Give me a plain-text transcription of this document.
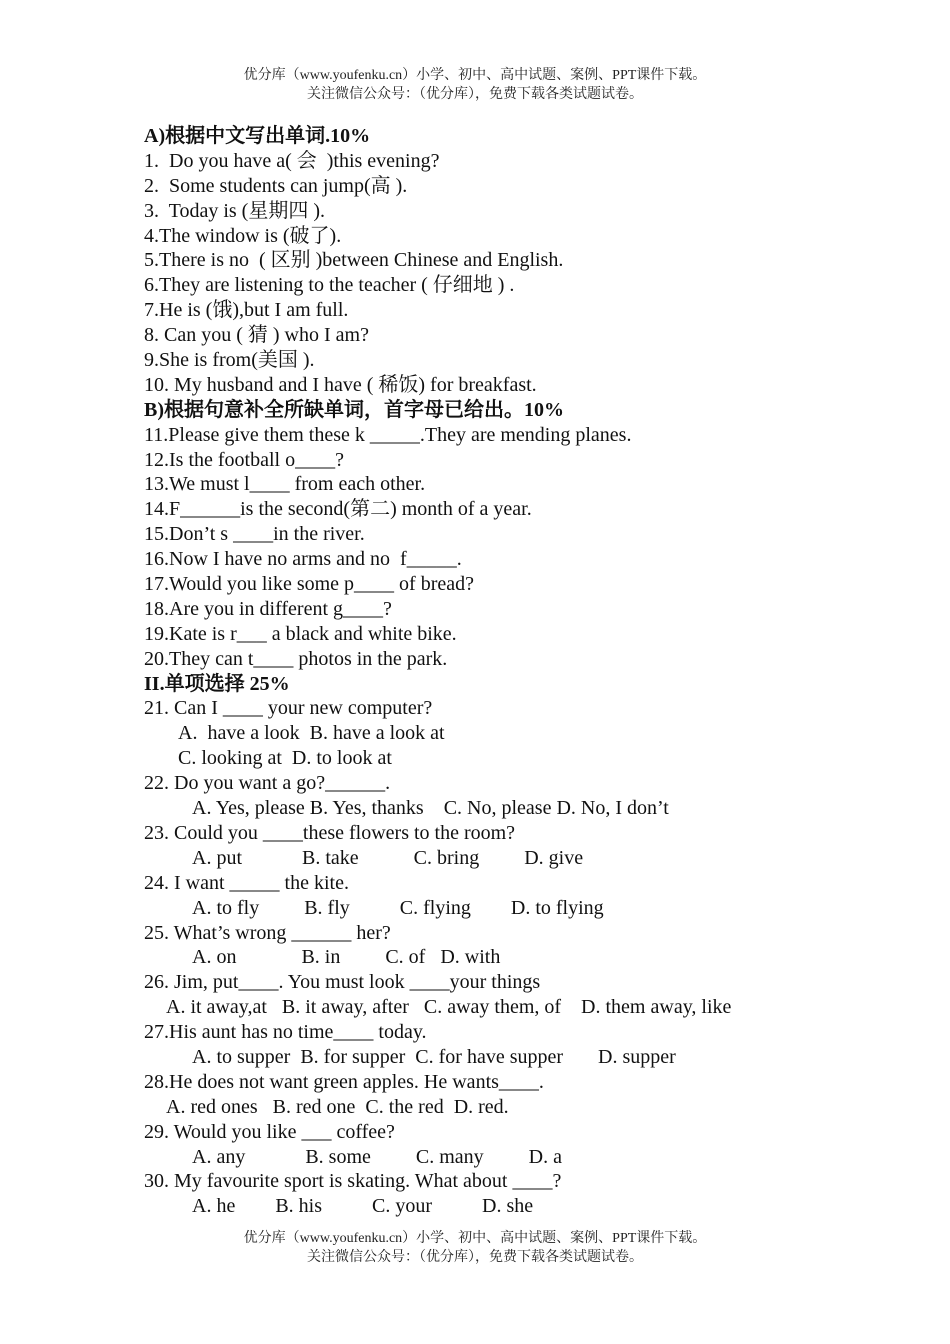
优分库（www.youfenku.cn）小学、初中、高中试题、案例、PPT课件下载。
关注微信公众号：（优分库），免费下载各类试题试卷。
A)根据中文写出单词.10%
1.  Do you have a( 会  )this evening?
2.  Some students can jump(高 ).
3.  Today is (星期四 ).
4.The window is (破了).
5.There is no  ( 区别 )between Chinese and English.
6.They are listening to the teacher ( 仔细地 ) .
7.He is (饿),but I am full.
8. Can you ( 猜 ) who I am?
9.She is from(美国 ).
10. My husband and I have ( 稀饭) for breakfast.
B)根据句意补全所缺单词，首字母已给出。10%
11.Please give them these k _____.They are mending planes.
12.Is the football o____?
13.We must l____ from each other.
14.F______is the second(第二) month of a year.
15.Don’t s ____in the river.
16.Now I have no arms and no  f_____.
17.Would you like some p____ of bread?
18.Are you in different g____?
19.Kate is r___ a black and white bike.
20.They can t____ photos in the park.
II.单项选择 25%
21. Can I ____ your new computer?
A.  have a look  B. have a look at
C. looking at  D. to look at
22. Do you want a go?______.
A. Yes, please B. Yes, thanks    C. No, please D. No, I don’t
23. Could you ____these flowers to the room?
A. put            B. take           C. bring         D. give
24. I want _____ the kite.
A. to fly         B. fly          C. flying        D. to flying
25. What’s wrong ______ her?
A. on             B. in         C. of   D. with
26. Jim, put____. You must look ____your things
A. it away,at   B. it away, after   C. away them, of    D. them away, like
27.His aunt has no time____ today.
A. to supper  B. for supper  C. for have supper       D. supper
28.He does not want green apples. He wants____.
A. red ones   B. red one  C. the red  D. red.
29. Would you like ___ coffee?
A. any            B. some         C. many         D. a
30. My favourite sport is skating. What about ____?
A. he        B. his          C. your          D. she
优分库（www.youfenku.cn）小学、初中、高中试题、案例、PPT课件下载。
关注微信公众号：（优分库），免费下载各类试题试卷。
